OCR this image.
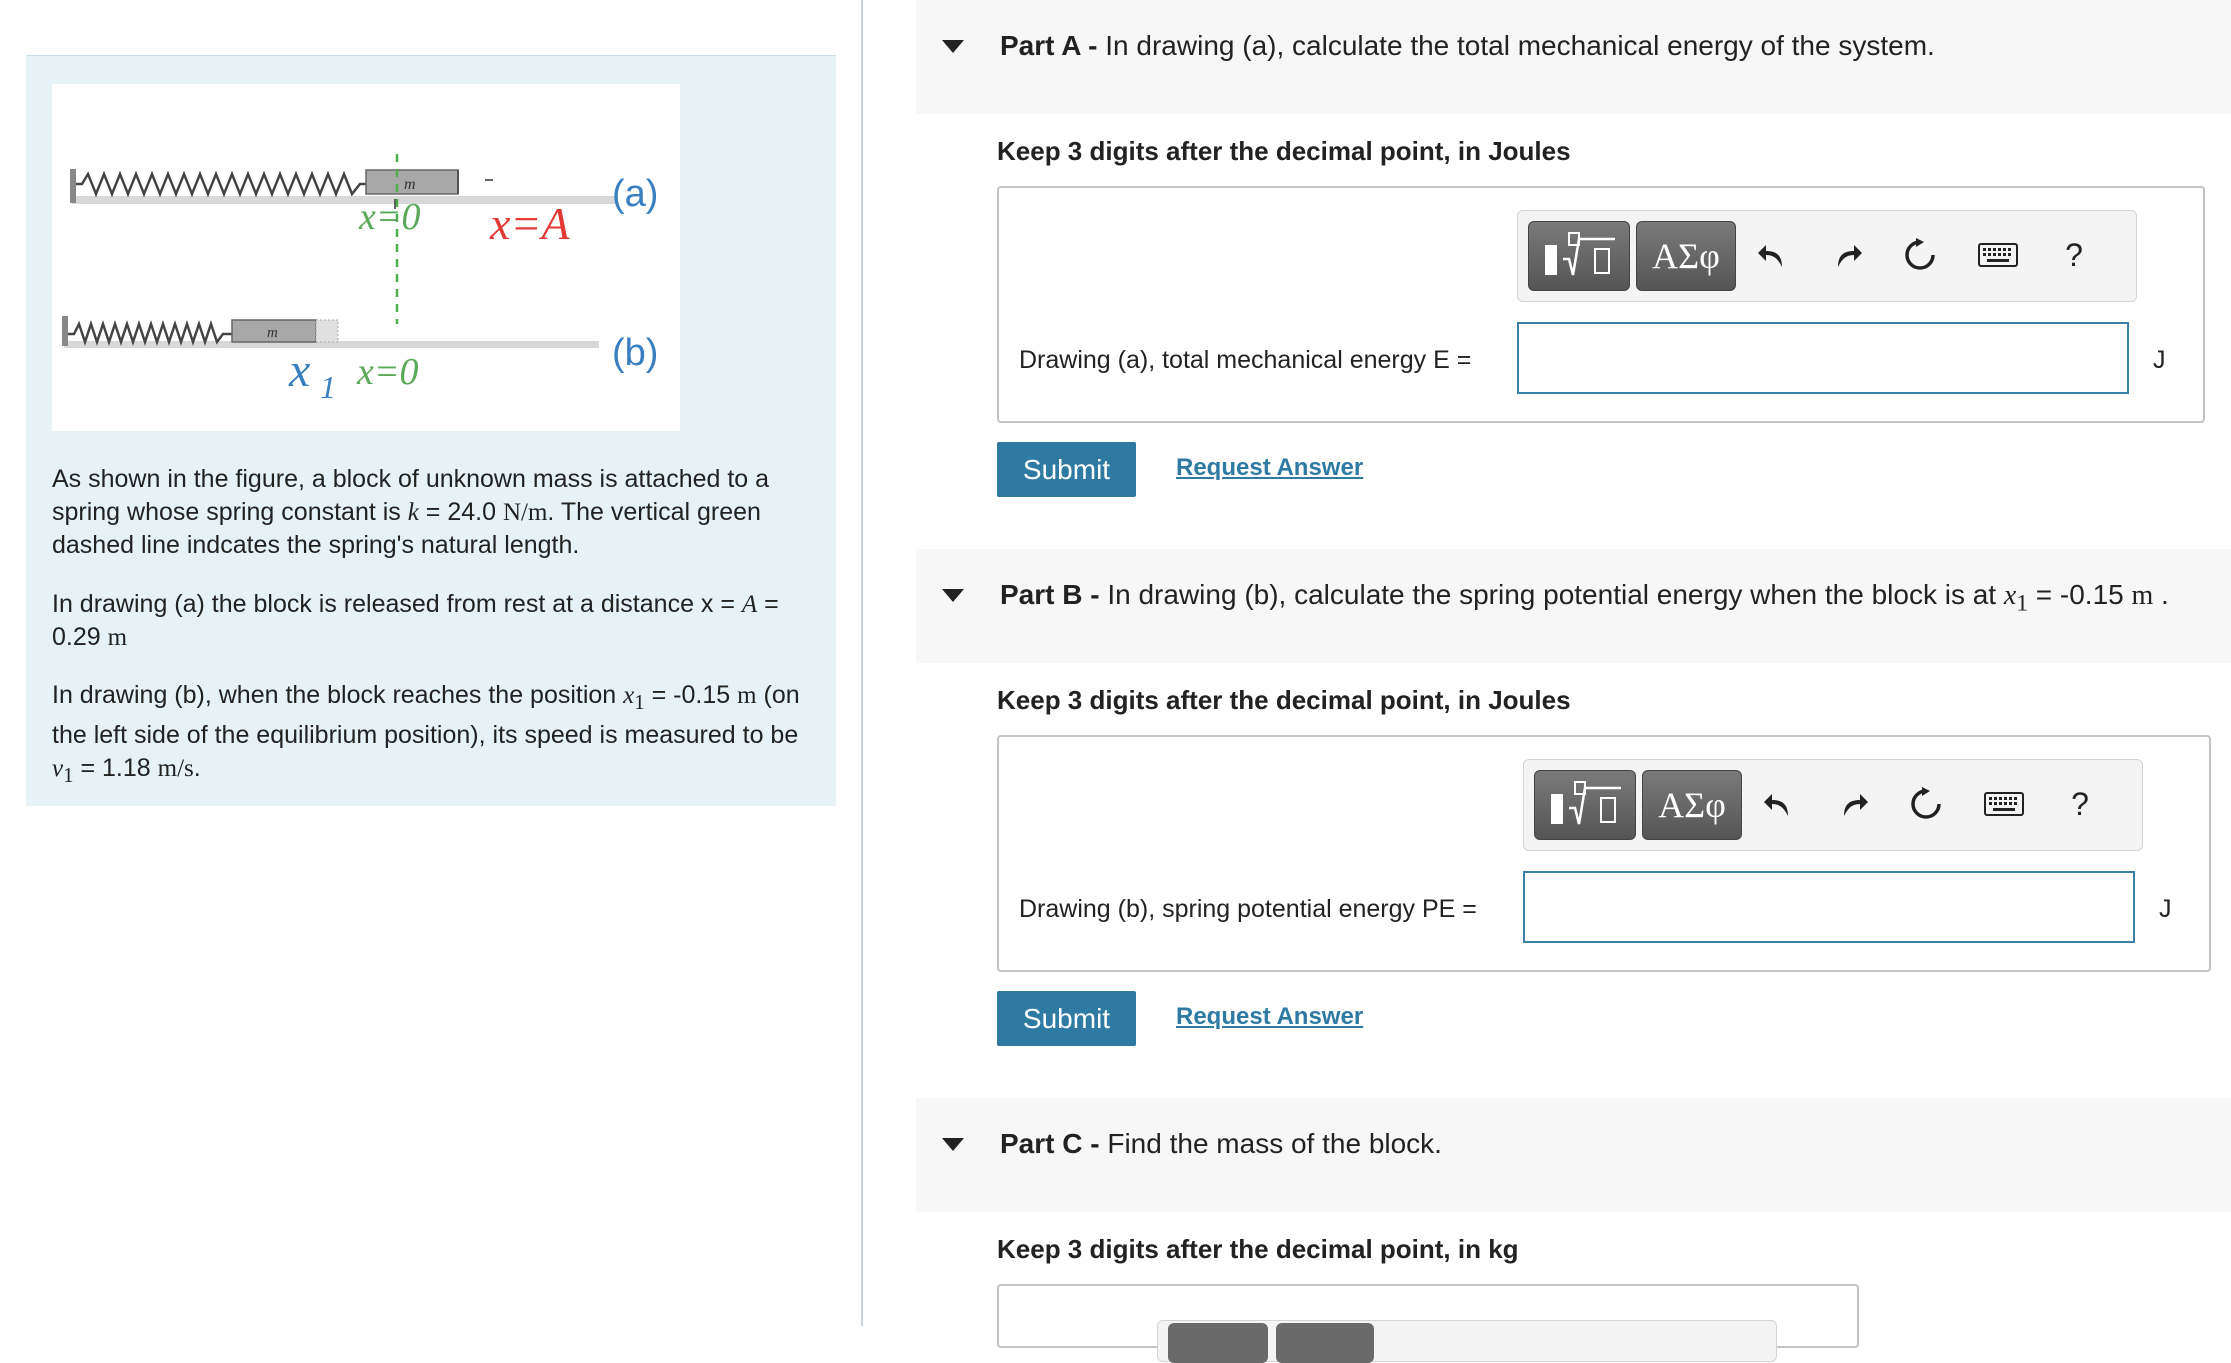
m
x=0 x=A
(a)
m
x 1 x=0	(b)
As shown in the figure, a block of unknown mass is attached to a spring whose spring constant is k = 24.0 N/m. The vertical green dashed line indcates the spring's natural length.
In drawing (a) the block is released from rest at a distance x = A = 0.29 m
In drawing (b), when the block reaches the position $x_1 = -0.15$ m (on the left side of the equilibrium position), its speed is measured to be $v_1 = 1.18$ m/s.
Part A - In drawing (a), calculate the total mechanical energy of the system.
Keep 3 digits after the decimal point, in Joules
ΑΣφ	?
Drawing (a), total mechanical energy E =	J
Submit	Request Answer
Part B - In drawing (b), calculate the spring potential energy when the block is at $x_1 = -0.15$ m .
Keep 3 digits after the decimal point, in Joules
ΑΣφ	?
Drawing (b), spring potential energy PE =	J
Submit	Request Answer
Part C - Find the mass of the block.
Keep 3 digits after the decimal point, in kg
